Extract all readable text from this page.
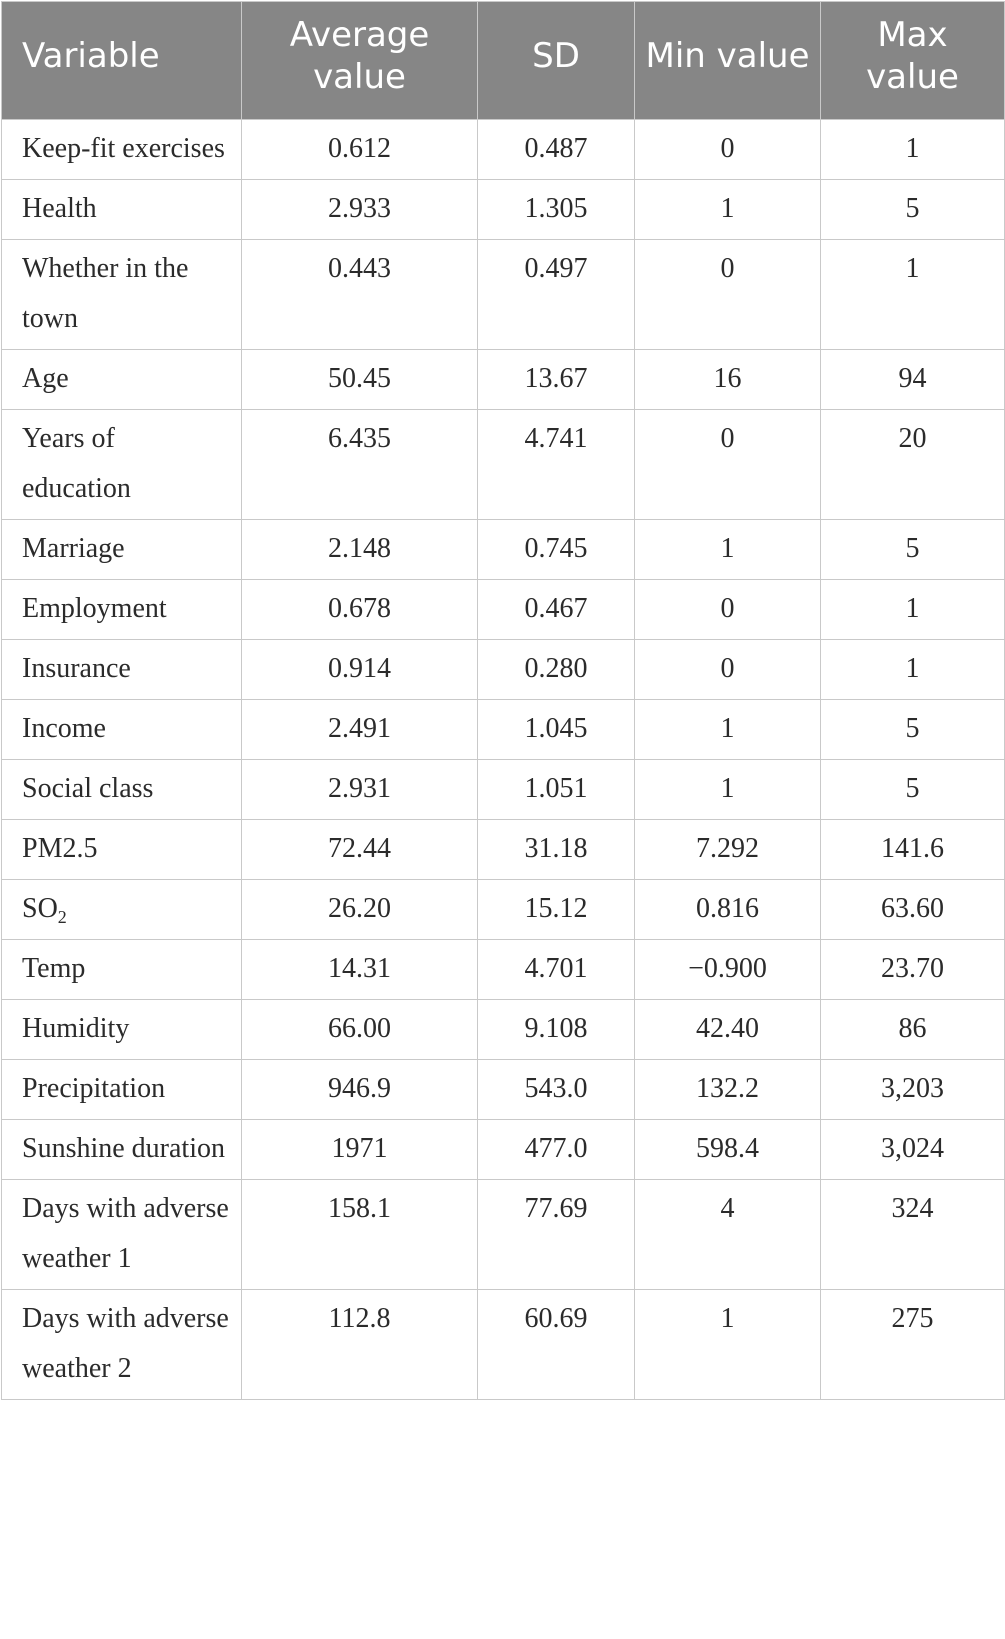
Variable	Average value	SD	Min value	Max value
Keep-fit exercises	0.612	0.487	0	1
Health	2.933	1.305	1	5
Whether in the town	0.443	0.497	0	1
Age	50.45	13.67	16	94
Years of education	6.435	4.741	0	20
Marriage	2.148	0.745	1	5
Employment	0.678	0.467	0	1
Insurance	0.914	0.280	0	1
Income	2.491	1.045	1	5
Social class	2.931	1.051	1	5
PM2.5	72.44	31.18	7.292	141.6
$SO_2$	26.20	15.12	0.816	63.60
Temp	14.31	4.701	−0.900	23.70
Humidity	66.00	9.108	42.40	86
Precipitation	946.9	543.0	132.2	3,203
Sunshine duration	1971	477.0	598.4	3,024
Days with adverse weather 1	158.1	77.69	4	324
Days with adverse weather 2	112.8	60.69	1	275
